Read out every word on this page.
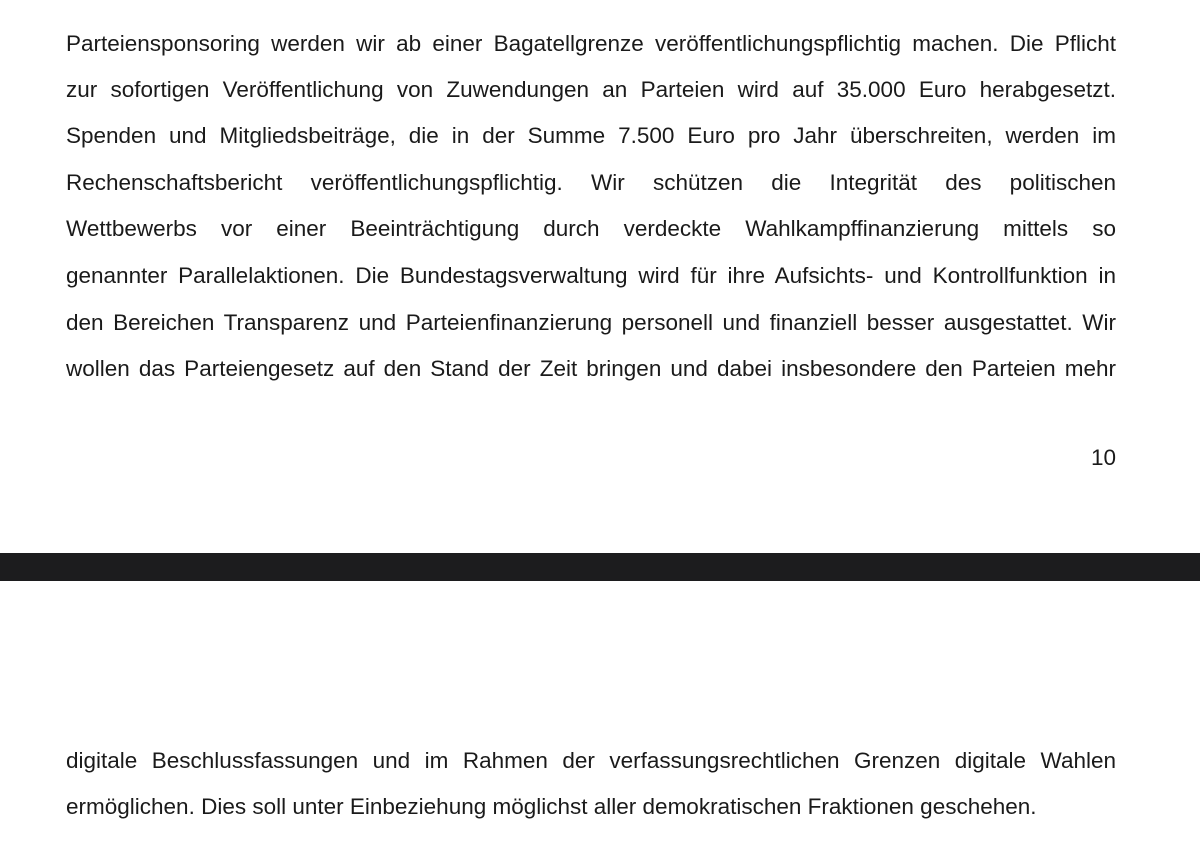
Parteiensponsoring werden wir ab einer Bagatellgrenze veröffentlichungspflichtig machen. Die Pflicht
zur sofortigen Veröffentlichung von Zuwendungen an Parteien wird auf 35.000 Euro herabgesetzt.
Spenden und Mitgliedsbeiträge, die in der Summe 7.500 Euro pro Jahr überschreiten, werden im
Rechenschaftsbericht veröffentlichungspflichtig. Wir schützen die Integrität des politischen
Wettbewerbs vor einer Beeinträchtigung durch verdeckte Wahlkampffinanzierung mittels so
genannter Parallelaktionen. Die Bundestagsverwaltung wird für ihre Aufsichts- und Kontrollfunktion in
den Bereichen Transparenz und Parteienfinanzierung personell und finanziell besser ausgestattet. Wir
wollen das Parteiengesetz auf den Stand der Zeit bringen und dabei insbesondere den Parteien mehr
10
digitale Beschlussfassungen und im Rahmen der verfassungsrechtlichen Grenzen digitale Wahlen
ermöglichen. Dies soll unter Einbeziehung möglichst aller demokratischen Fraktionen geschehen.
